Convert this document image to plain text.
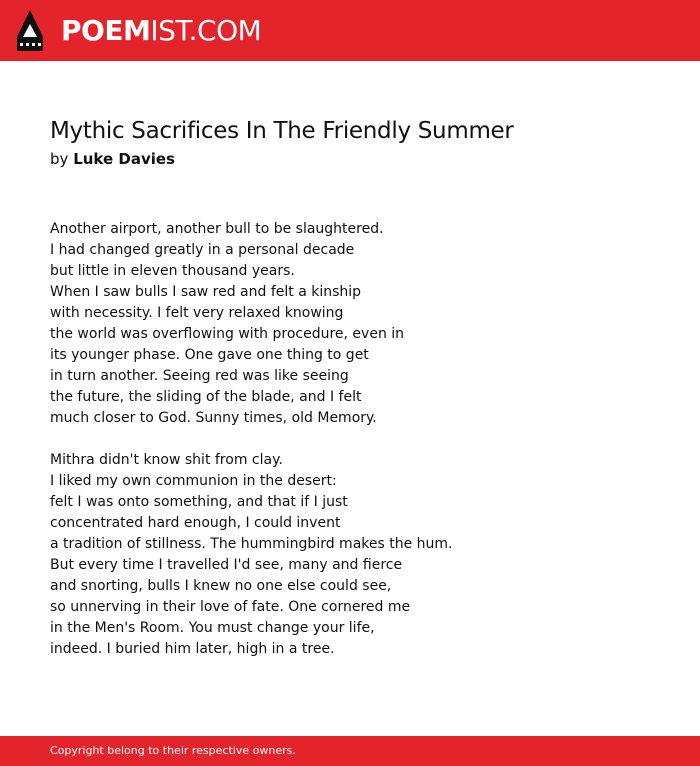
POEMIST.COM
Mythic Sacrifices In The Friendly Summer
by Luke Davies
Another airport, another bull to be slaughtered.
I had changed greatly in a personal decade
but little in eleven thousand years.
When I saw bulls I saw red and felt a kinship
with necessity. I felt very relaxed knowing
the world was overflowing with procedure, even in
its younger phase. One gave one thing to get
in turn another. Seeing red was like seeing
the future, the sliding of the blade, and I felt
much closer to God. Sunny times, old Memory.
Mithra didn't know shit from clay.
I liked my own communion in the desert:
felt I was onto something, and that if I just
concentrated hard enough, I could invent
a tradition of stillness. The hummingbird makes the hum.
But every time I travelled I'd see, many and fierce
and snorting, bulls I knew no one else could see,
so unnerving in their love of fate. One cornered me
in the Men's Room. You must change your life,
indeed. I buried him later, high in a tree.
Copyright belong to their respective owners.
